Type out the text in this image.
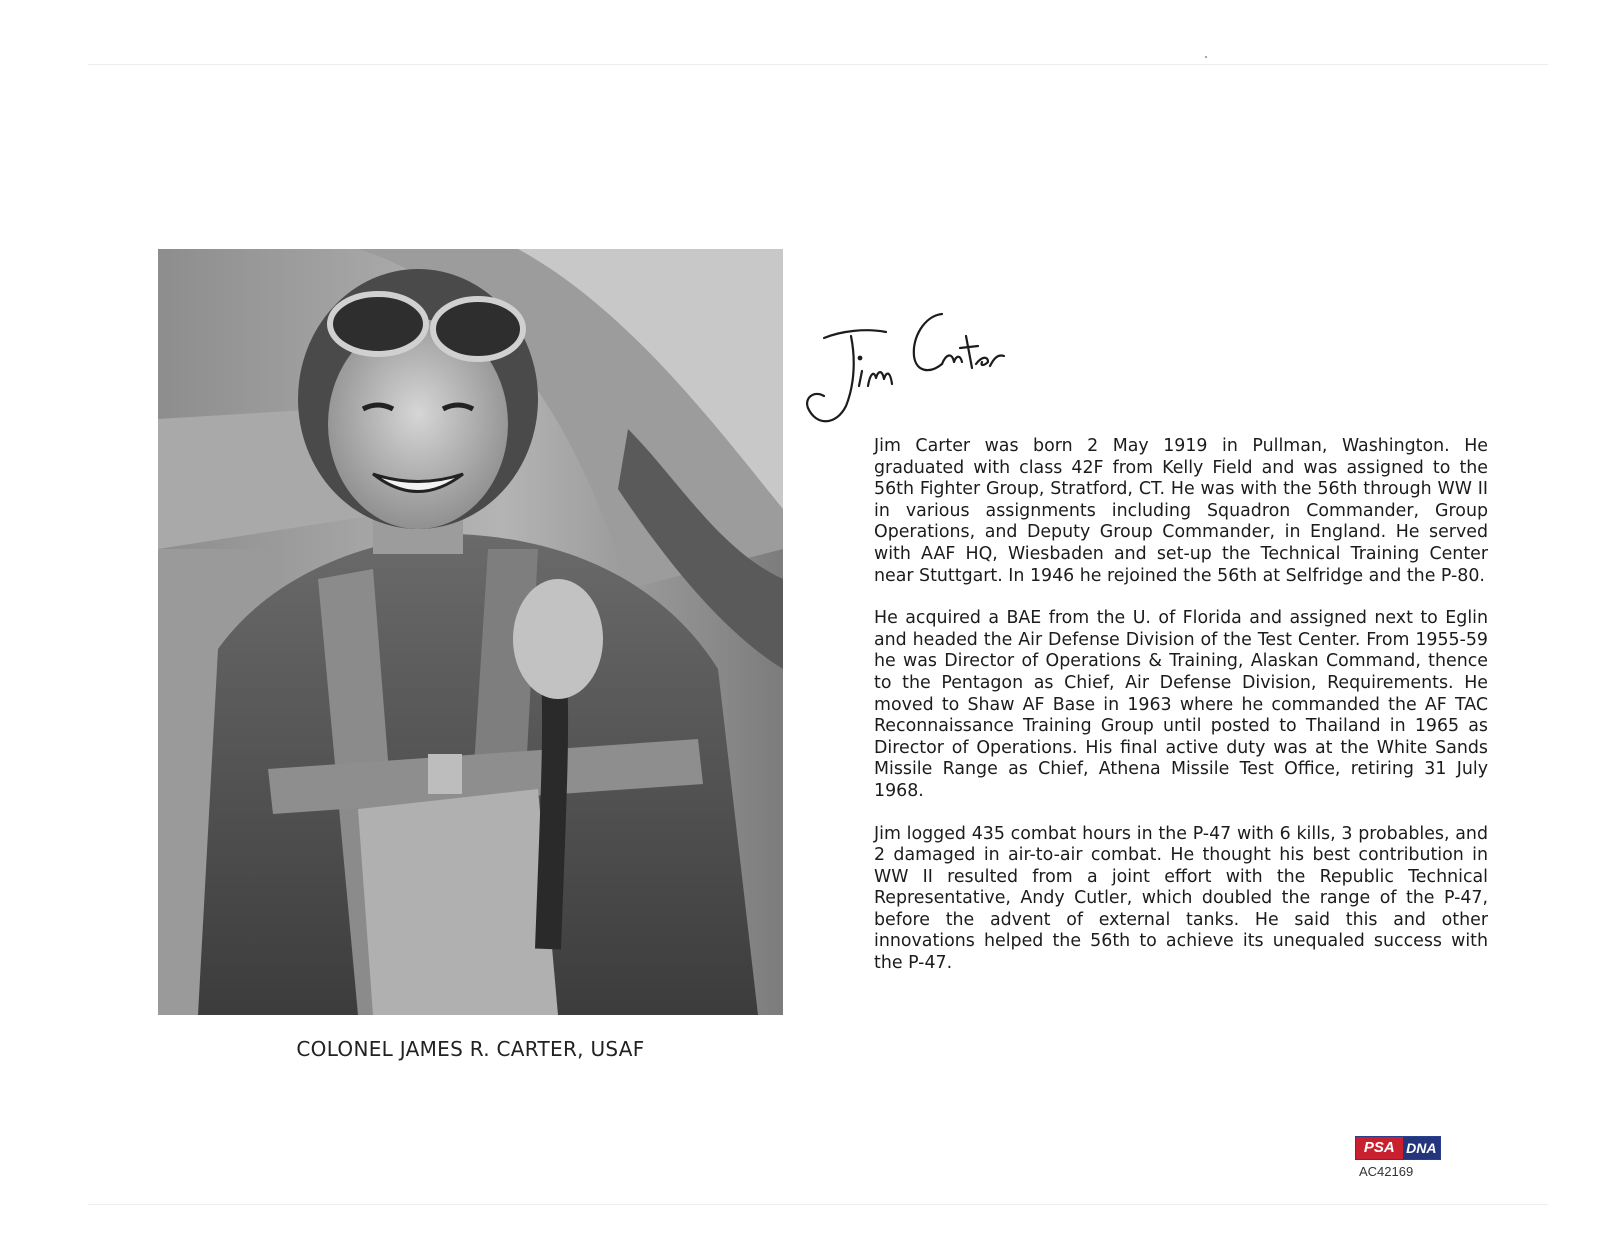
COLONEL JAMES R. CARTER, USAF

Jim Carter was born 2 May 1919 in Pullman, Washington. He graduated with class 42F from Kelly Field and was assigned to the 56th Fighter Group, Stratford, CT. He was with the 56th through WW II in various assignments including Squadron Commander, Group Operations, and Deputy Group Commander, in England. He served with AAF HQ, Wiesbaden and set-up the Technical Training Center near Stuttgart. In 1946 he rejoined the 56th at Selfridge and the P-80.

He acquired a BAE from the U. of Florida and assigned next to Eglin and headed the Air Defense Division of the Test Center. From 1955-59 he was Director of Operations & Training, Alaskan Command, thence to the Pentagon as Chief, Air Defense Division, Requirements. He moved to Shaw AF Base in 1963 where he commanded the AF TAC Reconnaissance Training Group until posted to Thailand in 1965 as Director of Operations. His final active duty was at the White Sands Missile Range as Chief, Athena Missile Test Office, retiring 31 July 1968.

Jim logged 435 combat hours in the P-47 with 6 kills, 3 probables, and 2 damaged in air-to-air combat. He thought his best contribution in WW II resulted from a joint effort with the Republic Technical Representative, Andy Cutler, which doubled the range of the P-47, before the advent of external tanks. He said this and other innovations helped the 56th to achieve its unequaled success with the P-47.

PSA DNA
AC42169
